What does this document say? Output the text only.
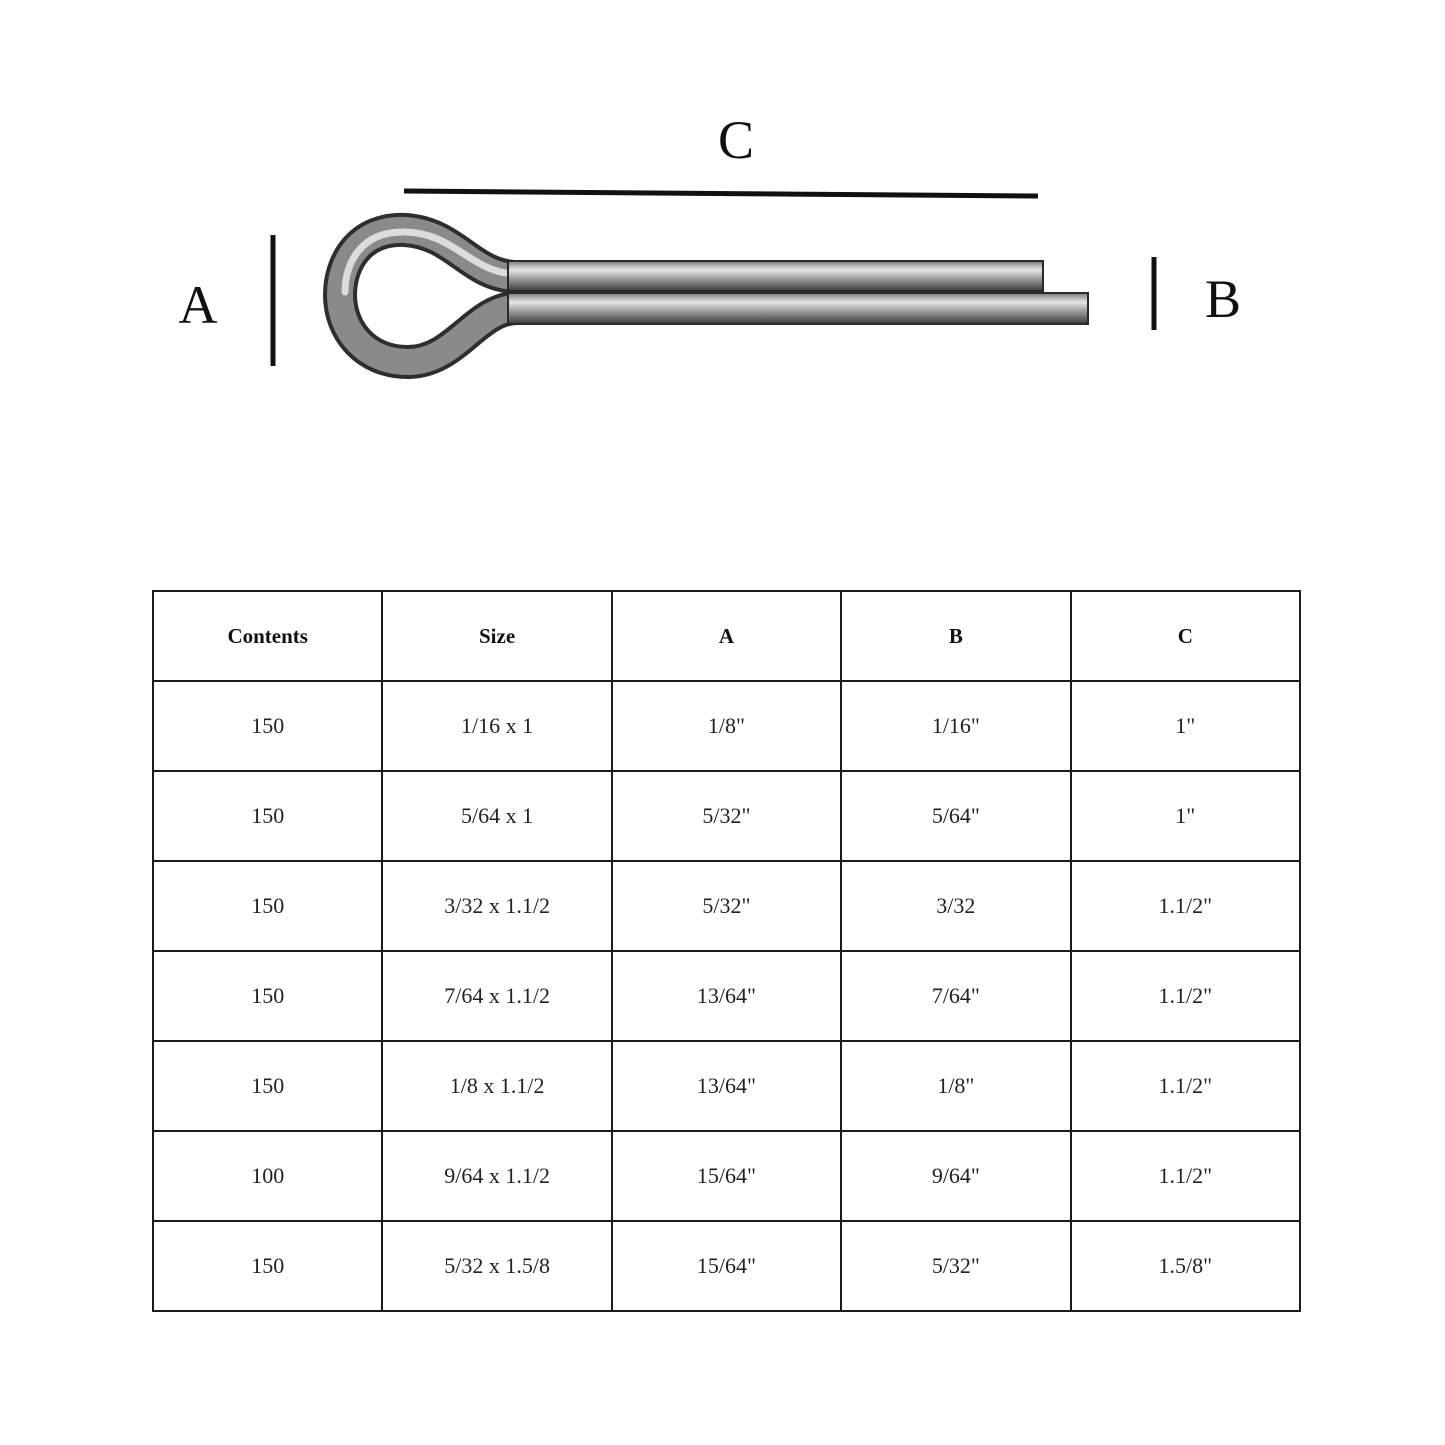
C
A	B
Contents	Size	A	B	C
150	1/16 x 1	1/8"	1/16"	1"
150	5/64 x 1	5/32"	5/64"	1"
150	3/32 x 1.1/2	5/32"	3/32	1.1/2"
150	7/64 x 1.1/2	13/64"	7/64"	1.1/2"
150	1/8 x 1.1/2	13/64"	1/8"	1.1/2"
100	9/64 x 1.1/2	15/64"	9/64"	1.1/2"
150	5/32 x 1.5/8	15/64"	5/32"	1.5/8"
